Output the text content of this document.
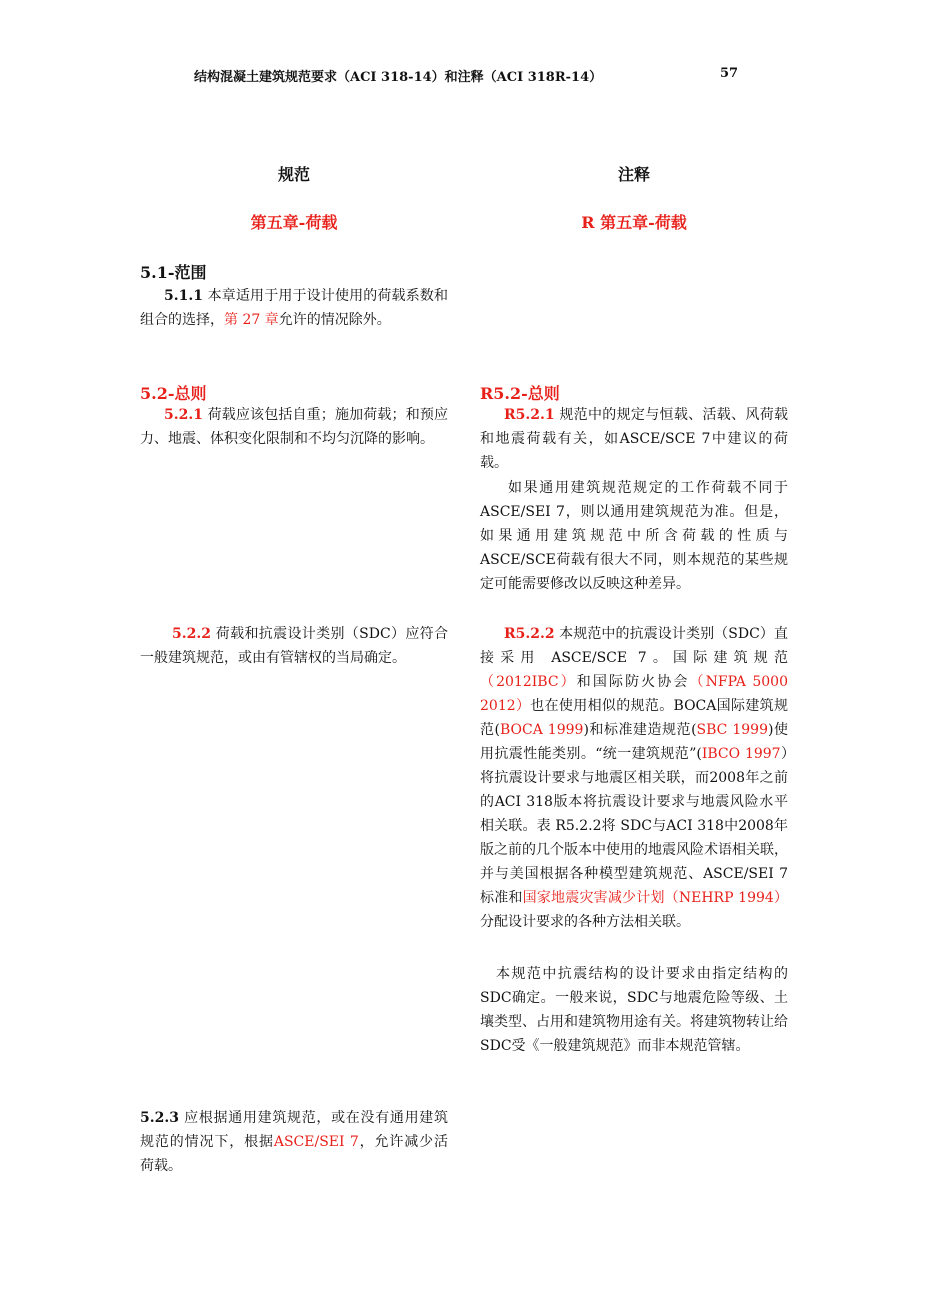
结构混凝土建筑规范要求（ACI 318-14）和注释（ACI 318R-14）	57
规范	注释
第五章-荷载	R 第五章-荷载
5.1-范围
5.1.1 本章适用于用于设计使用的荷载系数和组合的选择，第 27 章允许的情况除外。
5.2-总则
5.2.1 荷载应该包括自重；施加荷载；和预应力、地震、体积变化限制和不均匀沉降的影响。
5.2.2 荷载和抗震设计类别（SDC）应符合一般建筑规范，或由有管辖权的当局确定。
5.2.3 应根据通用建筑规范，或在没有通用建筑规范的情况下，根据ASCE/SEI 7，允许减少活荷载。
R5.2-总则
R5.2.1 规范中的规定与恒载、活载、风荷载和地震荷载有关，如ASCE/SCE 7中建议的荷载。
如果通用建筑规范规定的工作荷载不同于 ASCE/SEI 7，则以通用建筑规范为准。但是，如果通用建筑规范中所含荷载的性质与ASCE/SCE荷载有很大不同，则本规范的某些规定可能需要修改以反映这种差异。
R5.2.2 本规范中的抗震设计类别（SDC）直接采用 ASCE/SCE 7。国际建筑规范（2012IBC）和国际防火协会（NFPA 5000 2012）也在使用相似的规范。BOCA国际建筑规范(BOCA 1999)和标准建造规范(SBC 1999)使用抗震性能类别。“统一建筑规范”(IBCO 1997）将抗震设计要求与地震区相关联，而2008年之前的ACI 318版本将抗震设计要求与地震风险水平相关联。表 R5.2.2将 SDC与ACI 318中2008年版之前的几个版本中使用的地震风险术语相关联，并与美国根据各种模型建筑规范、ASCE/SEI 7标准和国家地震灾害减少计划（NEHRP 1994）分配设计要求的各种方法相关联。
本规范中抗震结构的设计要求由指定结构的SDC确定。一般来说，SDC与地震危险等级、土壤类型、占用和建筑物用途有关。将建筑物转让给SDC受《一般建筑规范》而非本规范管辖。
